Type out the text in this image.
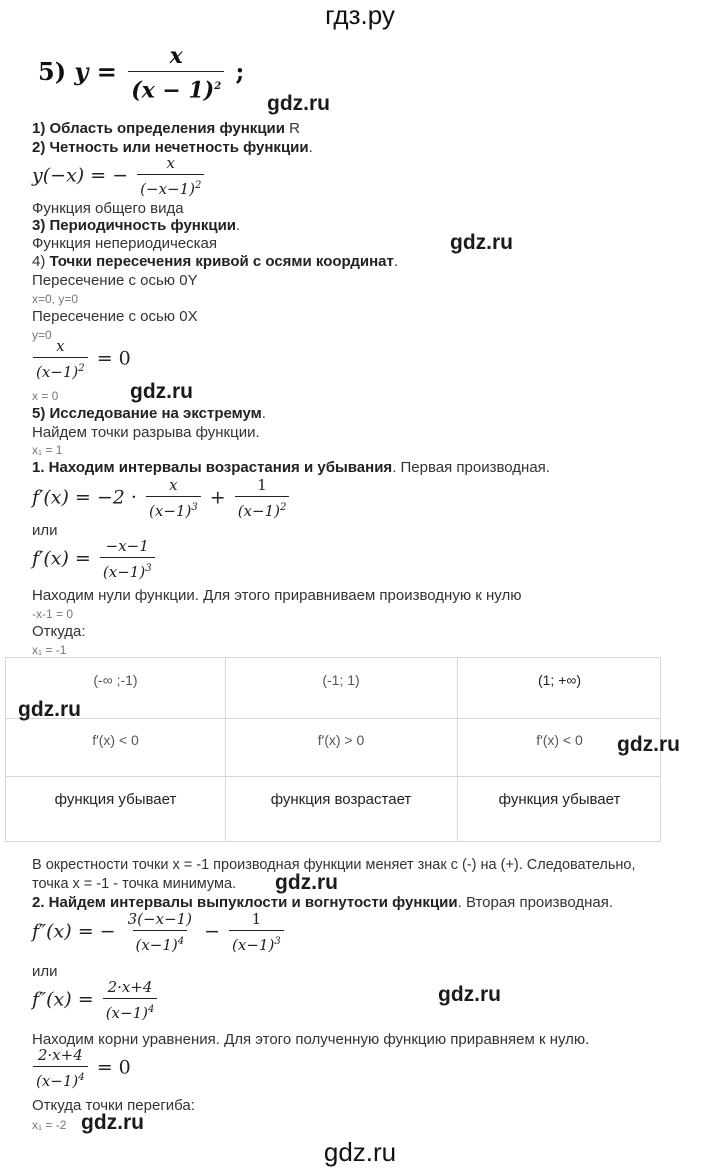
гдз.ру
5) $y = \frac{x}{(x - 1)^2}$ ;
gdz.ru
1) Область определения функции R
2) Четность или нечетность функции.
y(−x) = − $\frac{x}{(-x-1)^2}$
Функция общего вида
3) Периодичность функции.
Функция непериодическая	gdz.ru
4) Точки пересечения кривой с осями координат.
Пересечение с осью 0Y
x=0, y=0
Пересечение с осью 0X
y=0
$\frac{x}{(x-1)^2} = 0$
x = 0	gdz.ru
5) Исследование на экстремум.
Найдем точки разрыва функции.
x₁ = 1
1. Находим интервалы возрастания и убывания. Первая производная.
$f'(x) = -2 \cdot \frac{x}{(x-1)^3} + \frac{1}{(x-1)^2}$
или
$f'(x) = \frac{-x-1}{(x-1)^3}$
Находим нули функции. Для этого приравниваем производную к нулю
-x-1 = 0
Откуда:
x₁ = -1
(-∞ ;-1)	(-1; 1)	(1; +∞)
f′(x) < 0	f′(x) > 0	f′(x) < 0
функция убывает	функция возрастает	функция убывает
gdz.ru
gdz.ru
В окрестности точки x = -1 производная функции меняет знак с (-) на (+). Следовательно,
точка x = -1 - точка минимума. gdz.ru
2. Найдем интервалы выпуклости и вогнутости функции. Вторая производная.
f″(x) = − $\frac{3(-x-1)}{(x-1)^4} - \frac{1}{(x-1)^3}$
или
$f''(x) = \frac{2\cdot x+4}{(x-1)^4}$	gdz.ru
Находим корни уравнения. Для этого полученную функцию приравняем к нулю.
$\frac{2\cdot x+4}{(x-1)^4} = 0$
Откуда точки перегиба:
x₁ = -2 gdz.ru
gdz.ru
